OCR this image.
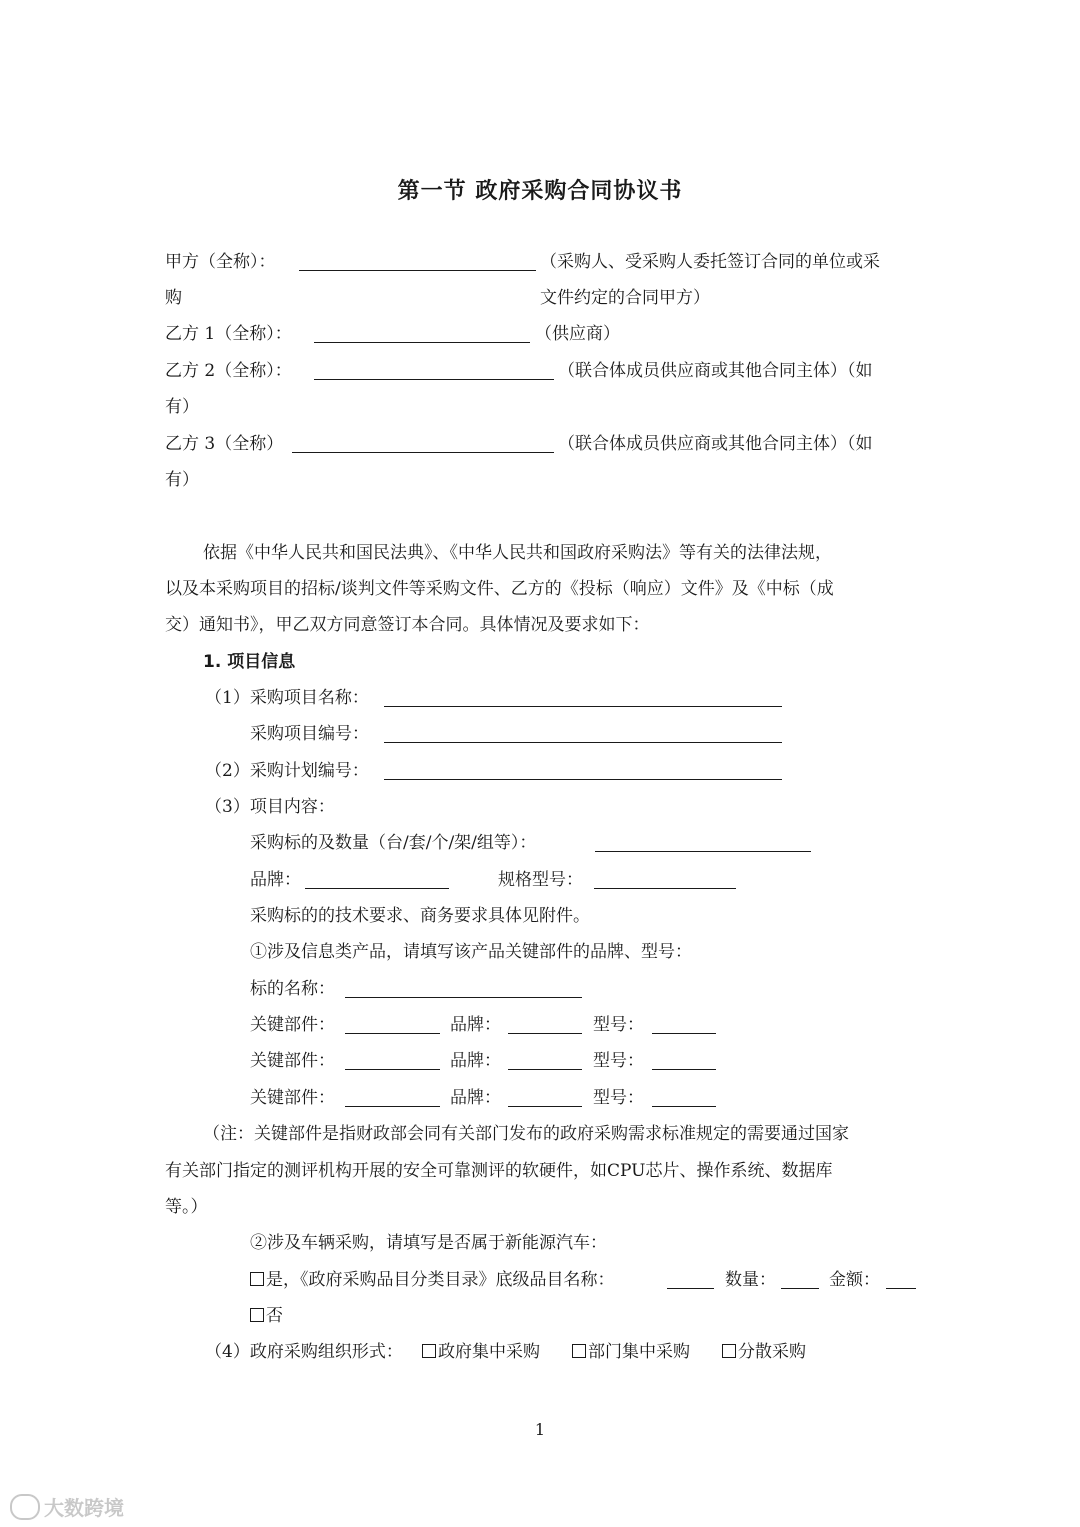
第一节 政府采购合同协议书
甲方（全称）：	（采购人、受采购人委托签订合同的单位或采
购	文件约定的合同甲方）
乙方 1（全称）：	（供应商）
乙方 2（全称）：	（联合体成员供应商或其他合同主体）（如
有）
乙方 3（全称）	（联合体成员供应商或其他合同主体）（如
有）
依据《中华人民共和国民法典》、《中华人民共和国政府采购法》等有关的法律法规，
以及本采购项目的招标/谈判文件等采购文件、乙方的《投标（响应）文件》及《中标（成
交）通知书》，甲乙双方同意签订本合同。具体情况及要求如下：
1. 项目信息
（1）采购项目名称：
采购项目编号：
（2）采购计划编号：
（3）项目内容：
采购标的及数量（台/套/个/架/组等）：
品牌：	规格型号：
采购标的的技术要求、商务要求具体见附件。
①涉及信息类产品，请填写该产品关键部件的品牌、型号：
标的名称：
关键部件：	品牌：	型号：
关键部件：	品牌：	型号：
关键部件：	品牌：	型号：
（注：关键部件是指财政部会同有关部门发布的政府采购需求标准规定的需要通过国家
有关部门指定的测评机构开展的安全可靠测评的软硬件，如CPU芯片、操作系统、数据库
等。）
②涉及车辆采购，请填写是否属于新能源汽车：
是，《政府采购品目分类目录》底级品目名称：	数量：	金额：
否
（4）政府采购组织形式：	政府集中采购	部门集中采购	分散采购
1
大数跨境
